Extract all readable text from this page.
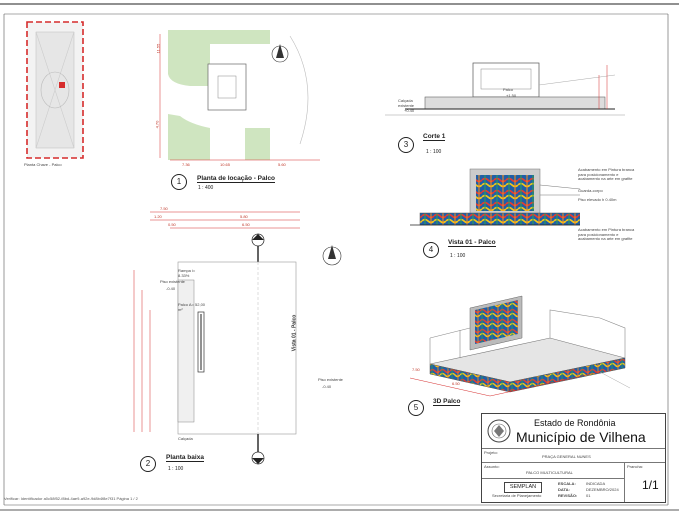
Planta Chave - Palco
11.55
4.70
7.36	10.65	5.60
1	Planta de locação - Palco
1 : 400
7.50
1.20	5.80
0.50	6.50
Palco A= 52,00 m²
Piso existente
-0.40
Rampa i= 8.33%
Piso existente
-0.40
Calçada
Vista 01 - Palco
2
Planta baixa
1 : 100
Calçada existente
+0.40
Palco
+1.50
3
Corte 1
1 : 100
Acabamento em Pintura branca para posicionamento e acabamento na arte em grafite
Guarda-corpo
Piso elevado h 0.40m
Acabamento em Pintura branca para posicionamento e acabamento na arte em grafite
4
Vista 01 - Palco
1 : 100
7.50
6.50
5
3D Palco
Estado de Rondônia
Município de Vilhena
Projeto:
PRAÇA GENERAL NUNES
Assunto:
PALCO MULTICULTURAL
Prancha:
1/1
SEMPLAN
Secretaria de Planejamento
ESCALA:	INDICADA
DATA:	DEZEMBRO/2024
REVISÃO: 01
Verificar: Identificador a0c58f52-f8bd-4ae9-a92e-9d8b4f8e7f31 Página 1 / 2
